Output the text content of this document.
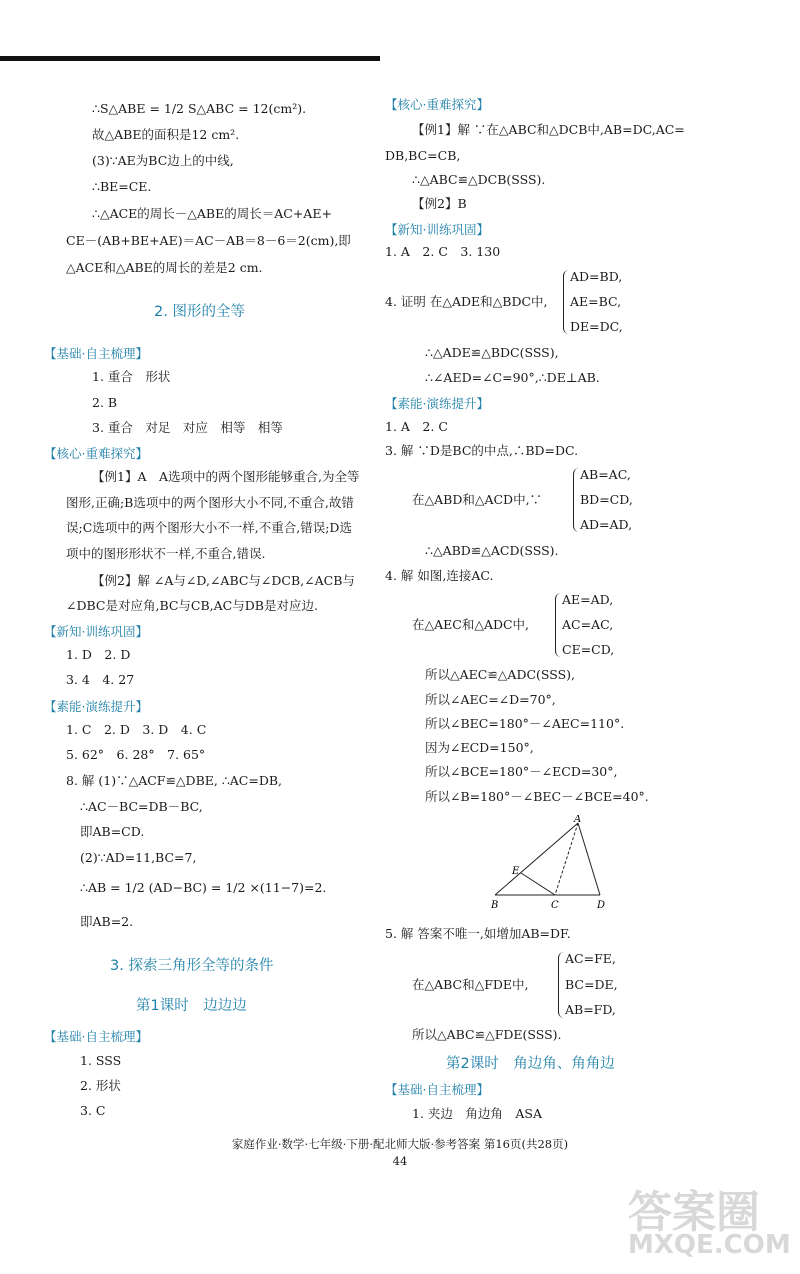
∴S△ABE = 1/2 S△ABC = 12(cm²).
故△ABE的面积是12 cm².
(3)∵AE为BC边上的中线,
∴BE=CE.
∴△ACE的周长－△ABE的周长＝AC+AE+
CE－(AB+BE+AE)＝AC－AB＝8－6＝2(cm),即
△ACE和△ABE的周长的差是2 cm.
2. 图形的全等
【基础·自主梳理】
1. 重合　形状
2. B
3. 重合　对足　对应　相等　相等
【核心·重难探究】
【例1】A　A选项中的两个图形能够重合,为全等
图形,正确;B选项中的两个图形大小不同,不重合,故错
误;C选项中的两个图形大小不一样,不重合,错误;D选
项中的图形形状不一样,不重合,错误.
【例2】解 ∠A与∠D,∠ABC与∠DCB,∠ACB与
∠DBC是对应角,BC与CB,AC与DB是对应边.
【新知·训练巩固】
1. D　2. D
3. 4　4. 27
【素能·演练提升】
1. C　2. D　3. D　4. C
5. 62°　6. 28°　7. 65°
8. 解 (1)∵△ACF≌△DBE, ∴AC=DB,
∴AC－BC=DB－BC,
即AB=CD.
(2)∵AD=11,BC=7,
∴AB = 1/2 (AD−BC) = 1/2 ×(11−7)=2.
即AB=2.
3. 探索三角形全等的条件
第1课时　边边边
【基础·自主梳理】
1. SSS
2. 形状
3. C
【核心·重难探究】
【例1】解 ∵在△ABC和△DCB中,AB=DC,AC=
DB,BC=CB,
∴△ABC≌△DCB(SSS).
【例2】B
【新知·训练巩固】
1. A　2. C　3. 130
4. 证明 在△ADE和△BDC中,
AD=BD,
AE=BC,
DE=DC,
∴△ADE≌△BDC(SSS),
∴∠AED=∠C=90°,∴DE⊥AB.
【素能·演练提升】
1. A　2. C
3. 解 ∵D是BC的中点,∴BD=DC.
在△ABD和△ACD中,∵
AB=AC,
BD=CD,
AD=AD,
∴△ABD≌△ACD(SSS).
4. 解 如图,连接AC.
在△AEC和△ADC中,
AE=AD,
AC=AC,
CE=CD,
所以△AEC≌△ADC(SSS),
所以∠AEC=∠D=70°,
所以∠BEC=180°－∠AEC=110°.
因为∠ECD=150°,
所以∠BCE=180°－∠ECD=30°,
所以∠B=180°－∠BEC－∠BCE=40°.
A
E
B	C	D
5. 解 答案不唯一,如增加AB=DF.
在△ABC和△FDE中,
AC=FE,
BC=DE,
AB=FD,
所以△ABC≌△FDE(SSS).
第2课时　角边角、角角边
【基础·自主梳理】
1. 夹边　角边角　ASA
家庭作业·数学·七年级·下册·配北师大版·参考答案 第16页(共28页)
44
答案圈
MXQE.COM
